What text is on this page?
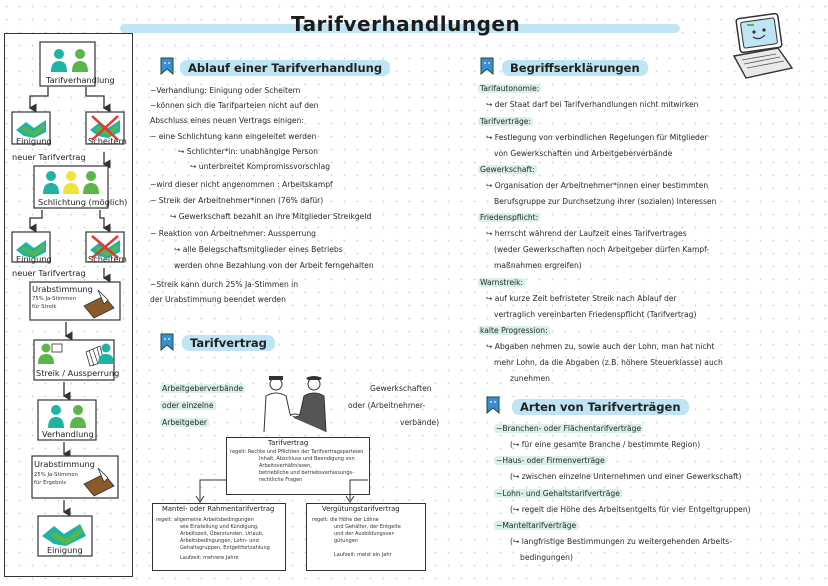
Tarifverhandlungen
Tarifverhandlung
Einigung	Scheitern
neuer Tarifvertrag
Schlichtung (möglich)
Einigung	Scheitern
neuer Tarifvertrag
Urabstimmung
75% Ja-Stimmen
für Streik
Streik / Aussperrung
Verhandlung
Urabstimmung
25% Ja-Stimmen
für Ergebnis
Einigung
Ablauf einer Tarifverhandlung
~Verhandlung: Einigung oder Scheitern
~können sich die Tarifparteien nicht auf den
Abschluss eines neuen Vertrags einigen:
~ eine Schlichtung kann eingeleitet werden
↪ Schlichter*in: unabhängige Person
↪ unterbreitet Kompromissvorschlag
~wird dieser nicht angenommen : Arbeitskampf
~ Streik der Arbeitnehmer*innen (76% dafür)
↪ Gewerkschaft bezahlt an ihre Mitglieder Streikgeld
~ Reaktion von Arbeitnehmer: Aussperrung
↪ alle Belegschaftsmitglieder eines Betriebs
werden ohne Bezahlung von der Arbeit ferngehalten
~Streik kann durch 25% Ja-Stimmen in
der Urabstimmung beendet werden
Tarifvertrag
Arbeitgeberverbände
oder einzelne
Arbeitgeber
Gewerkschaften
oder (Arbeitnehmer-
verbände)
Tarifvertrag
regelt: Rechte und Pflichten der Tarifvertragsparteien
Inhalt, Abschluss und Beendigung von
Arbeitsverhältnissen,
betriebliche und betriebsverfassungs-
rechtliche Fragen
Mantel- oder Rahmentarifvertrag
regelt: allgemeine Arbeitsbedingungen
wie Einstellung und Kündigung,
Arbeitszeit, Überstunden, Urlaub,
Arbeitsbedingungen, Lohn- und
Gehaltsgruppen, Entgeltfortzahlung
Laufzeit: mehrere Jahre
Vergütungstarifvertrag
regelt: die Höhe der Löhne
und Gehälter, der Entgelte
und der Ausbildungsver-
gütungen
Laufzeit: meist ein Jahr
Begriffserklärungen
Tarifautonomie:
↪ der Staat darf bei Tarifverhandlungen nicht mitwirken
Tarifverträge:
↪ Festlegung von verbindlichen Regelungen für Mitglieder
von Gewerkschaften und Arbeitgeberverbände
Gewerkschaft:
↪ Organisation der Arbeitnehmer*innen einer bestimmten
Berufsgruppe zur Durchsetzung ihrer (sozialen) Interessen
Friedenspflicht:
↪ herrscht während der Laufzeit eines Tarifvertrages
(weder Gewerkschaften noch Arbeitgeber dürfen Kampf-
maßnahmen ergreifen)
Warnstreik:
↪ auf kurze Zeit befristeter Streik nach Ablauf der
vertraglich vereinbarten Friedenspflicht (Tarifvertrag)
kalte Progression:
↪ Abgaben nehmen zu, sowie auch der Lohn, man hat nicht
mehr Lohn, da die Abgaben (z.B. höhere Steuerklasse) auch
zunehmen
Arten von Tarifverträgen
~Branchen- oder Flächentarifverträge
(↪ für eine gesamte Branche / bestimmte Region)
~Haus- oder Firmenverträge
(↪ zwischen einzelne Unternehmen und einer Gewerkschaft)
~Lohn- und Gehaltstarifverträge
(↪ regelt die Höhe des Arbeitsentgelts für vier Entgeltgruppen)
~Manteltarifverträge
(↪ langfristige Bestimmungen zu weitergehenden Arbeits-
bedingungen)
